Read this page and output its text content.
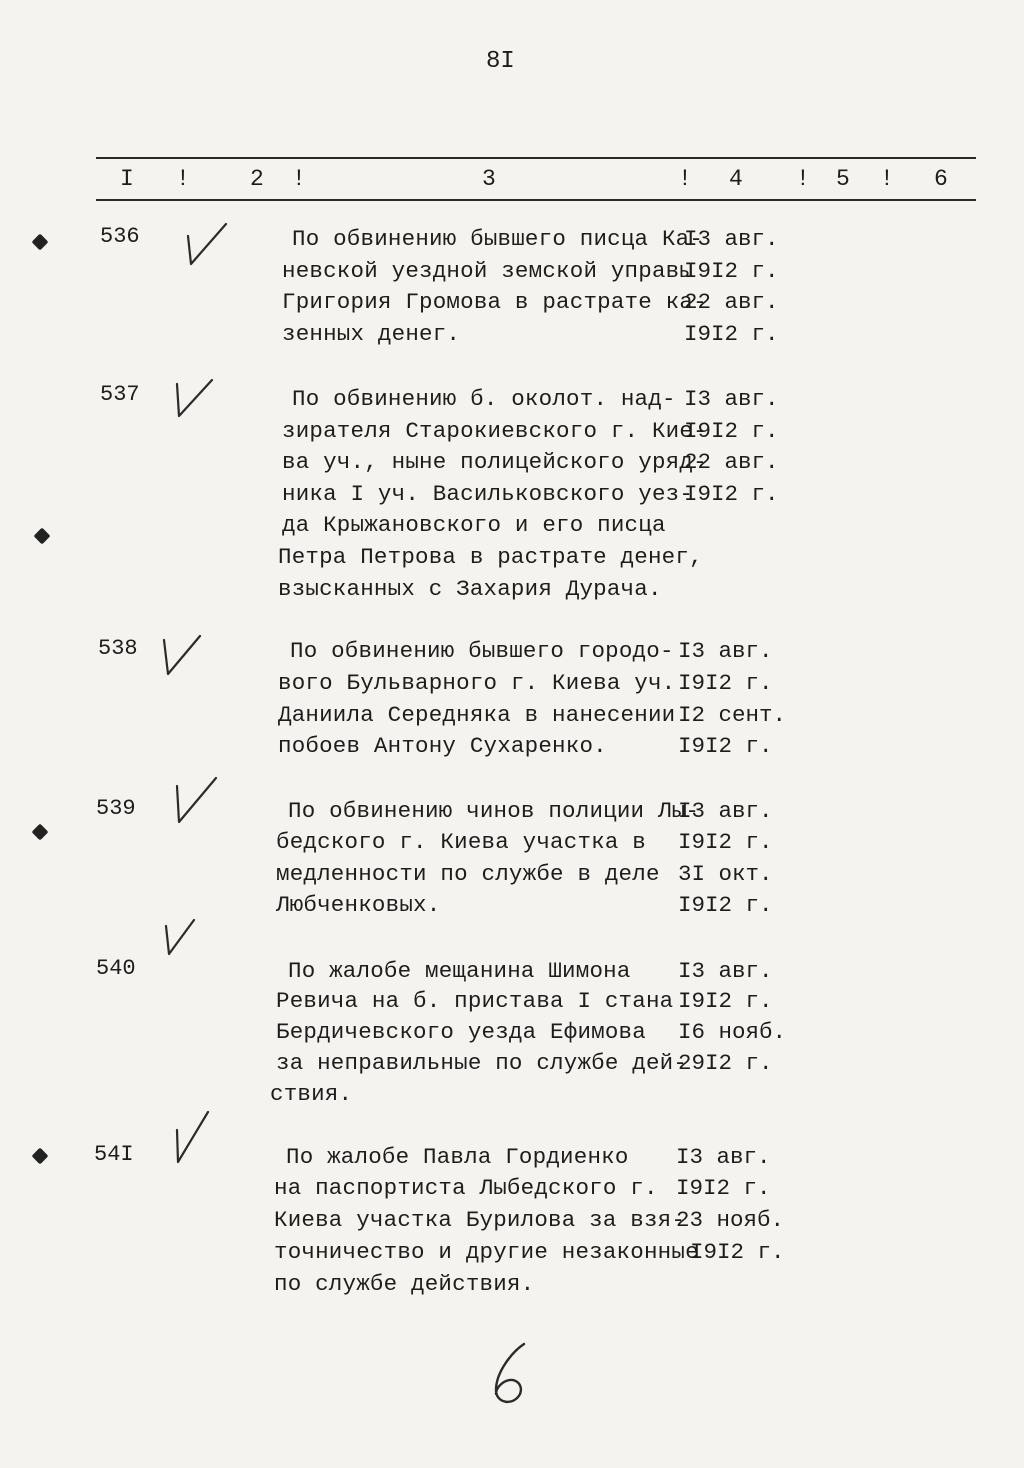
8I
I !	2 !	3	! 4 ! 5 ! 6
536	По обвинению бывшего писца Ка-
невской уездной земской управы
Григория Громова в растрате ка-
зенных денег.
I3 авг.
I9I2 г.
22 авг.
I9I2 г.
537	По обвинению б. околот. над-
зирателя Старокиевского г. Кие-
ва уч., ныне полицейского уряд-
ника I уч. Васильковского уез-
да Крыжановского и его писца
Петра Петрова в растрате денег,
взысканных с Захария Дурача.
I3 авг.
I9I2 г.
22 авг.
I9I2 г.
538	По обвинению бывшего городо-
вого Бульварного г. Киева уч.
Даниила Середняка в нанесении
побоев Антону Сухаренко.
I3 авг.
I9I2 г.
I2 сент.
I9I2 г.
539	По обвинению чинов полиции Лы-
бедского г. Киева участка в
медленности по службе в деле
Любченковых.
I3 авг.
I9I2 г.
3I окт.
I9I2 г.
540	По жалобе мещанина Шимона
Ревича на б. пристава I стана
Бердичевского уезда Ефимова
за неправильные по службе дей-
ствия.
I3 авг.
I9I2 г.
I6 нояб.
29I2 г.
54I	По жалобе Павла Гордиенко
на паспортиста Лыбедского г.
Киева участка Бурилова за взя-
точничество и другие незаконные
по службе действия.
I3 авг.
I9I2 г.
23 нояб.
I9I2 г.
